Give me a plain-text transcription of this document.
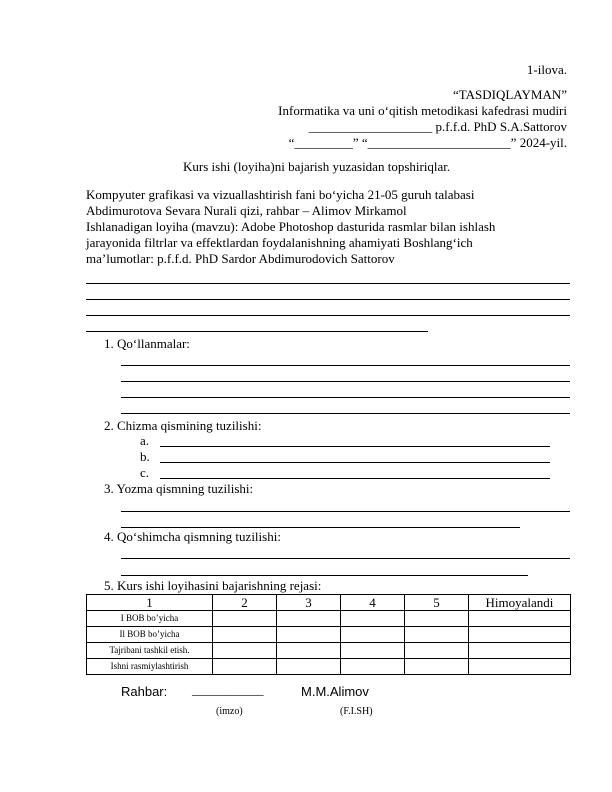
1-ilova.
“TASDIQLAYMAN”
Informatika va uni o‘qitish metodikasi kafedrasi mudiri
___________________ p.f.f.d. PhD S.A.Sattorov
“_________” “______________________” 2024-yil.
Kurs ishi (loyiha)ni bajarish yuzasidan topshiriqlar.
Kompyuter grafikasi va vizuallashtirish fani bo‘yicha 21-05 guruh talabasi
Abdimurotova Sevara Nurali qizi, rahbar – Alimov Mirkamol
Ishlanadigan loyiha (mavzu): Adobe Photoshop dasturida rasmlar bilan ishlash
jarayonida filtrlar va effektlardan foydalanishning ahamiyati Boshlang‘ich
ma’lumotlar: p.f.f.d. PhD Sardor Abdimurodovich Sattorov
1. Qo‘llanmalar:
2. Chizma qismining tuzilishi:
a.
b.
c.
3. Yozma qismning tuzilishi:
4. Qo‘shimcha qismning tuzilishi:
5. Kurs ishi loyihasini bajarishning rejasi:
1	2	3	4	5	Himoyalandi
I BOB bo’yicha					
Il BOB bo’yicha					
Tajribani tashkil etish.					
Ishni rasmiylashtirish					
Rahbar: ___________	M.M.Alimov
(imzo)	(F.I.SH)
